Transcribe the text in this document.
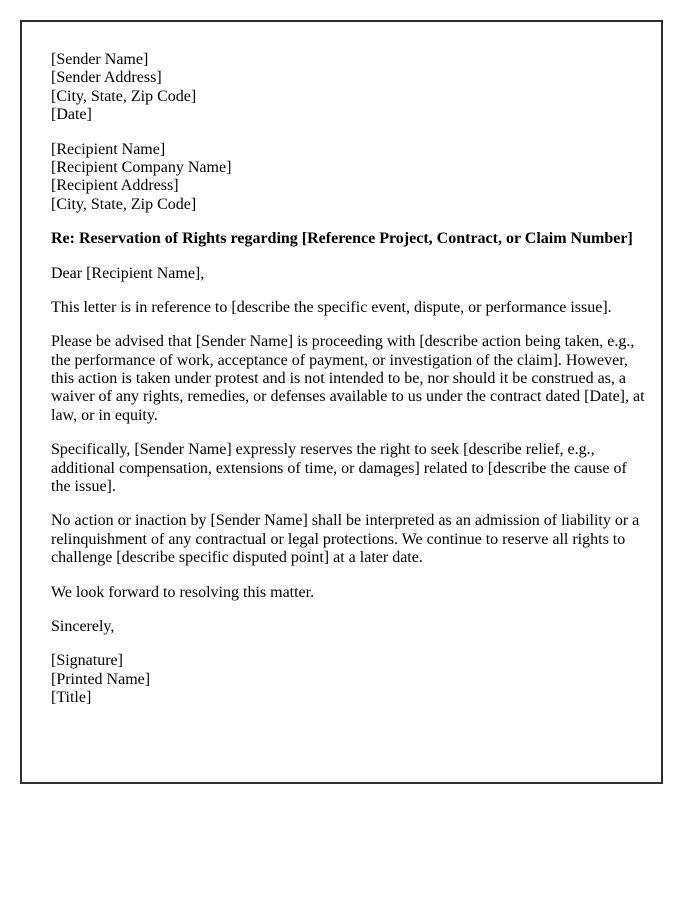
[Sender Name]
[Sender Address]
[City, State, Zip Code]
[Date]

[Recipient Name]
[Recipient Company Name]
[Recipient Address]
[City, State, Zip Code]

Re: Reservation of Rights regarding [Reference Project, Contract, or Claim Number]

Dear [Recipient Name],

This letter is in reference to [describe the specific event, dispute, or performance issue].

Please be advised that [Sender Name] is proceeding with [describe action being taken, e.g., the performance of work, acceptance of payment, or investigation of the claim]. However, this action is taken under protest and is not intended to be, nor should it be construed as, a waiver of any rights, remedies, or defenses available to us under the contract dated [Date], at law, or in equity.

Specifically, [Sender Name] expressly reserves the right to seek [describe relief, e.g., additional compensation, extensions of time, or damages] related to [describe the cause of the issue].

No action or inaction by [Sender Name] shall be interpreted as an admission of liability or a relinquishment of any contractual or legal protections. We continue to reserve all rights to challenge [describe specific disputed point] at a later date.

We look forward to resolving this matter.

Sincerely,

[Signature]
[Printed Name]
[Title]
